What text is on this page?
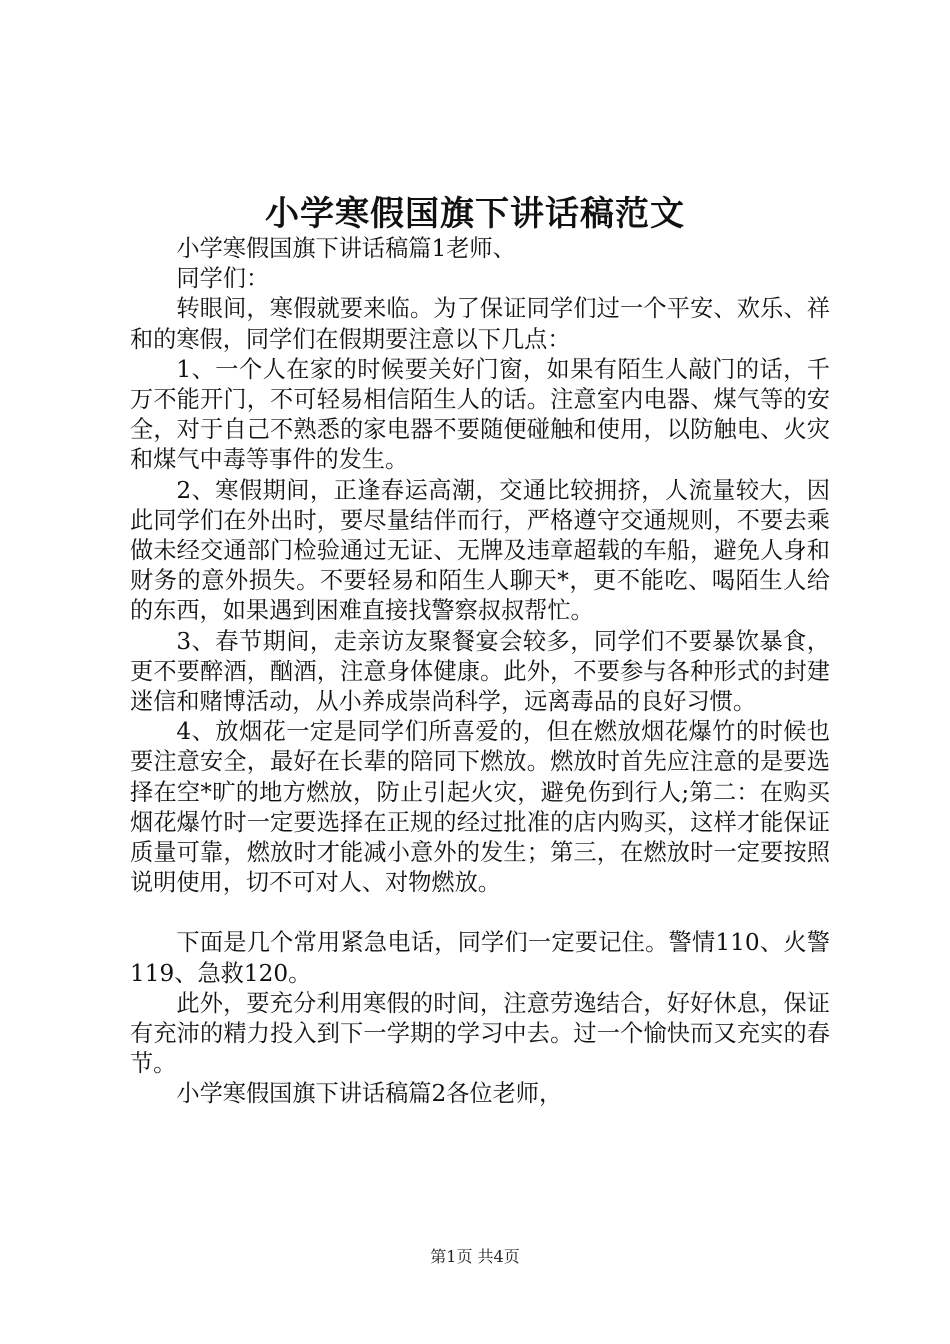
小学寒假国旗下讲话稿范文

小学寒假国旗下讲话稿篇1老师、

同学们：

转眼间，寒假就要来临。为了保证同学们过一个平安、欢乐、祥和的寒假，同学们在假期要注意以下几点：

1、一个人在家的时候要关好门窗，如果有陌生人敲门的话，千万不能开门，不可轻易相信陌生人的话。注意室内电器、煤气等的安全，对于自己不熟悉的家电器不要随便碰触和使用，以防触电、火灾和煤气中毒等事件的发生。

2、寒假期间，正逢春运高潮，交通比较拥挤，人流量较大，因此同学们在外出时，要尽量结伴而行，严格遵守交通规则，不要去乘做未经交通部门检验通过无证、无牌及违章超载的车船，避免人身和财务的意外损失。不要轻易和陌生人聊天*，更不能吃、喝陌生人给的东西，如果遇到困难直接找警察叔叔帮忙。

3、春节期间，走亲访友聚餐宴会较多，同学们不要暴饮暴食，更不要醉酒，酗酒，注意身体健康。此外，不要参与各种形式的封建迷信和赌博活动，从小养成崇尚科学，远离毒品的良好习惯。

4、放烟花一定是同学们所喜爱的，但在燃放烟花爆竹的时候也要注意安全，最好在长辈的陪同下燃放。燃放时首先应注意的是要选择在空*旷的地方燃放，防止引起火灾，避免伤到行人;第二：在购买烟花爆竹时一定要选择在正规的经过批准的店内购买，这样才能保证质量可靠，燃放时才能减小意外的发生；第三，在燃放时一定要按照说明使用，切不可对人、对物燃放。

下面是几个常用紧急电话，同学们一定要记住。警情110、火警119、急救120。

此外，要充分利用寒假的时间，注意劳逸结合，好好休息，保证有充沛的精力投入到下一学期的学习中去。过一个愉快而又充实的春节。

小学寒假国旗下讲话稿篇2各位老师，

第1页 共4页
